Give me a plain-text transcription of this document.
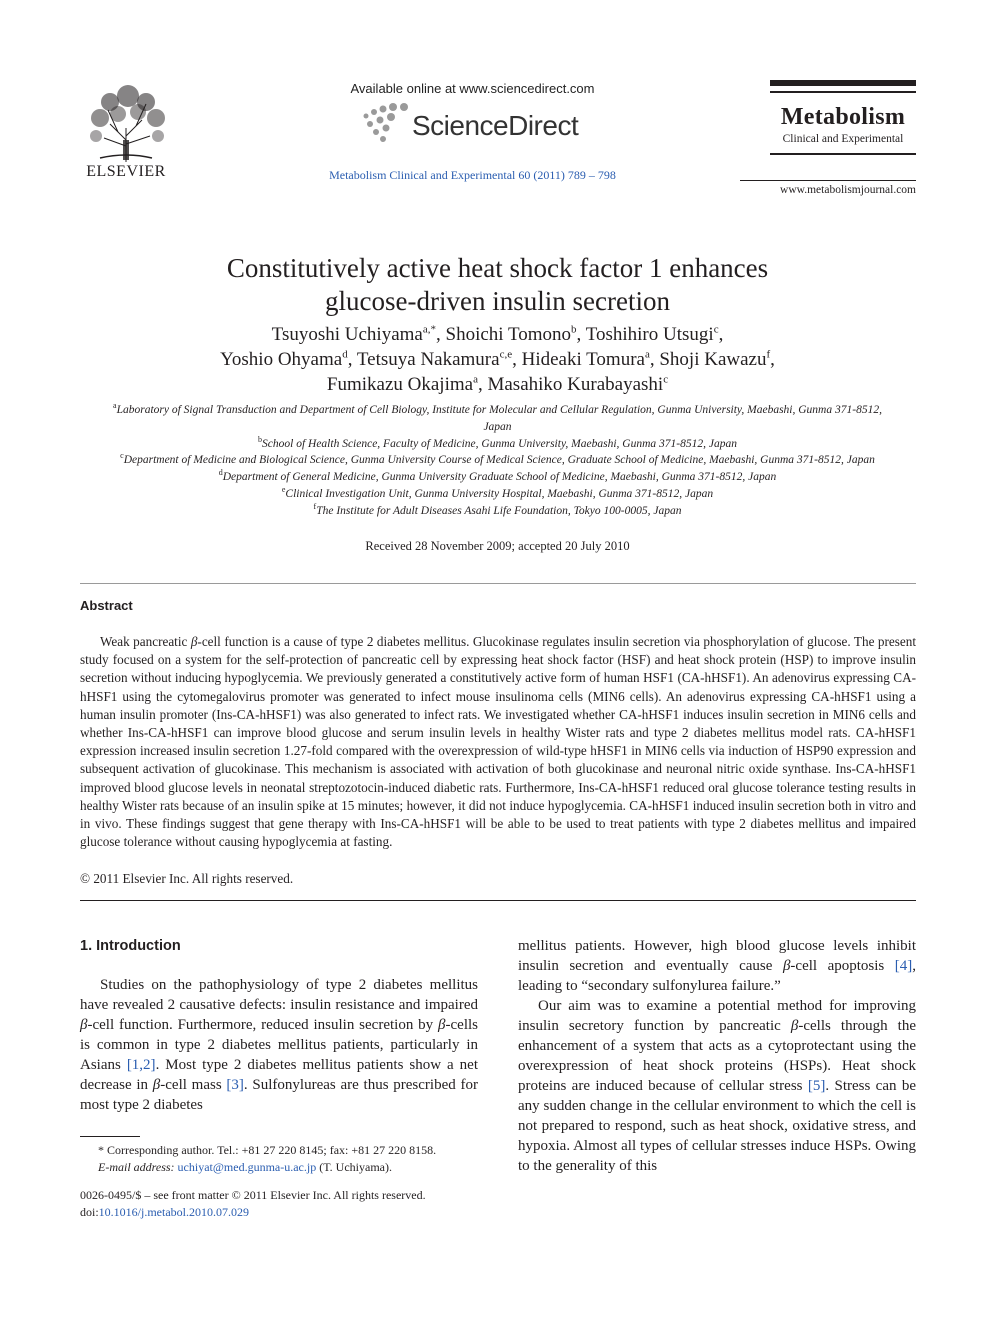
ELSEVIER
Available online at www.sciencedirect.com
ScienceDirect
Metabolism Clinical and Experimental 60 (2011) 789 – 798
Metabolism
Clinical and Experimental
www.metabolismjournal.com
Constitutively active heat shock factor 1 enhances
glucose-driven insulin secretion
Tsuyoshi Uchiyama$^{a,*}$, Shoichi Tomono$^b$, Toshihiro Utsugi$^c$,
Yoshio Ohyama$^d$, Tetsuya Nakamura$^{c,e}$, Hideaki Tomura$^a$, Shoji Kawazu$^f$,
Fumikazu Okajima$^a$, Masahiko Kurabayashi$^c$
$^a$Laboratory of Signal Transduction and Department of Cell Biology, Institute for Molecular and Cellular Regulation, Gunma University, Maebashi, Gunma 371-8512, Japan
$^b$School of Health Science, Faculty of Medicine, Gunma University, Maebashi, Gunma 371-8512, Japan
$^c$Department of Medicine and Biological Science, Gunma University Course of Medical Science, Graduate School of Medicine, Maebashi, Gunma 371-8512, Japan
$^d$Department of General Medicine, Gunma University Graduate School of Medicine, Maebashi, Gunma 371-8512, Japan
$^e$Clinical Investigation Unit, Gunma University Hospital, Maebashi, Gunma 371-8512, Japan
$^f$The Institute for Adult Diseases Asahi Life Foundation, Tokyo 100-0005, Japan
Received 28 November 2009; accepted 20 July 2010
Abstract
Weak pancreatic β-cell function is a cause of type 2 diabetes mellitus. Glucokinase regulates insulin secretion via phosphorylation of glucose. The present study focused on a system for the self-protection of pancreatic cell by expressing heat shock factor (HSF) and heat shock protein (HSP) to improve insulin secretion without inducing hypoglycemia. We previously generated a constitutively active form of human HSF1 (CA-hHSF1). An adenovirus expressing CA-hHSF1 using the cytomegalovirus promoter was generated to infect mouse insulinoma cells (MIN6 cells). An adenovirus expressing CA-hHSF1 using a human insulin promoter (Ins-CA-hHSF1) was also generated to infect rats. We investigated whether CA-hHSF1 induces insulin secretion in MIN6 cells and whether Ins-CA-hHSF1 can improve blood glucose and serum insulin levels in healthy Wister rats and type 2 diabetes mellitus model rats. CA-hHSF1 expression increased insulin secretion 1.27-fold compared with the overexpression of wild-type hHSF1 in MIN6 cells via induction of HSP90 expression and subsequent activation of glucokinase. This mechanism is associated with activation of both glucokinase and neuronal nitric oxide synthase. Ins-CA-hHSF1 improved blood glucose levels in neonatal streptozotocin-induced diabetic rats. Furthermore, Ins-CA-hHSF1 reduced oral glucose tolerance testing results in healthy Wister rats because of an insulin spike at 15 minutes; however, it did not induce hypoglycemia. CA-hHSF1 induced insulin secretion both in vitro and in vivo. These findings suggest that gene therapy with Ins-CA-hHSF1 will be able to be used to treat patients with type 2 diabetes mellitus and impaired glucose tolerance without causing hypoglycemia at fasting.
© 2011 Elsevier Inc. All rights reserved.
1. Introduction

Studies on the pathophysiology of type 2 diabetes mellitus have revealed 2 causative defects: insulin resistance and impaired β-cell function. Furthermore, reduced insulin secretion by β-cells is common in type 2 diabetes mellitus patients, particularly in Asians [1,2]. Most type 2 diabetes mellitus patients show a net decrease in β-cell mass [3]. Sulfonylureas are thus prescribed for most type 2 diabetes

mellitus patients. However, high blood glucose levels inhibit insulin secretion and eventually cause β-cell apoptosis [4], leading to “secondary sulfonylurea failure.”

Our aim was to examine a potential method for improving insulin secretory function by pancreatic β-cells through the enhancement of a system that acts as a cytoprotectant using the overexpression of heat shock proteins (HSPs). Heat shock proteins are induced because of cellular stress [5]. Stress can be any sudden change in the cellular environment to which the cell is not prepared to respond, such as heat shock, oxidative stress, and hypoxia. Almost all types of cellular stresses induce HSPs. Owing to the generality of this

* Corresponding author. Tel.: +81 27 220 8145; fax: +81 27 220 8158.
E-mail address: uchiyat@med.gunma-u.ac.jp (T. Uchiyama).
0026-0495/$ – see front matter © 2011 Elsevier Inc. All rights reserved.
doi:10.1016/j.metabol.2010.07.029
